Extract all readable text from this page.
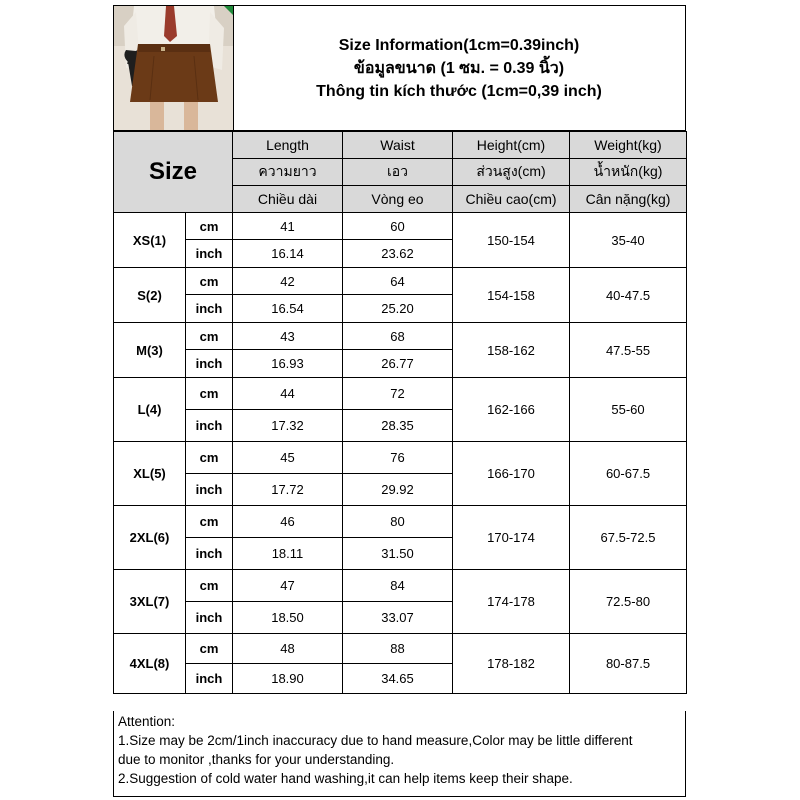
Size Information(1cm=0.39inch)
ข้อมูลขนาด (1 ซม. = 0.39 นิ้ว)
Thông tin kích thước (1cm=0,39 inch)
Size		Length	Waist	Height(cm)	Weight(kg)
		ความยาว	เอว	ส่วนสูง(cm)	น้ำหนัก(kg)
		Chiều dài	Vòng eo	Chiều cao(cm)	Cân nặng(kg)
XS(1)	cm	41	60	150-154	35-40
	inch	16.14	23.62		
S(2)	cm	42	64	154-158	40-47.5
	inch	16.54	25.20		
M(3)	cm	43	68	158-162	47.5-55
	inch	16.93	26.77		
L(4)	cm	44	72	162-166	55-60
	inch	17.32	28.35		
XL(5)	cm	45	76	166-170	60-67.5
	inch	17.72	29.92		
2XL(6)	cm	46	80	170-174	67.5-72.5
	inch	18.11	31.50		
3XL(7)	cm	47	84	174-178	72.5-80
	inch	18.50	33.07		
4XL(8)	cm	48	88	178-182	80-87.5
	inch	18.90	34.65		
Attention:
1.Size may be 2cm/1inch inaccuracy due to hand measure,Color may be little different
due to monitor ,thanks for your understanding.
2.Suggestion of cold water hand washing,it can help items keep their shape.
